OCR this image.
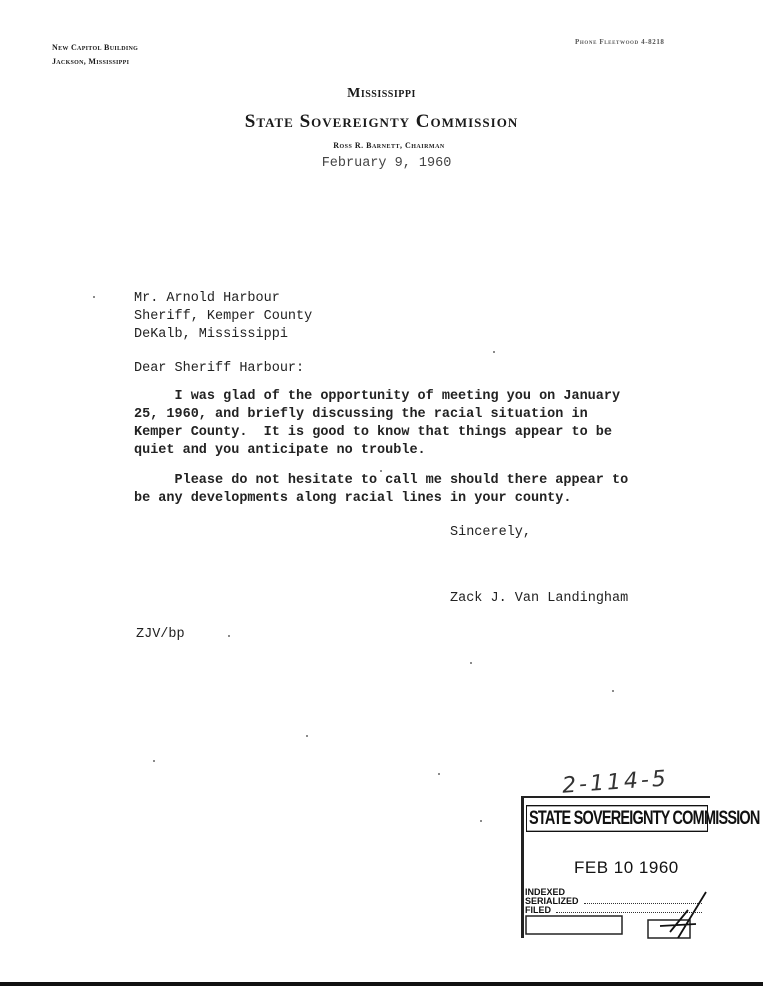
New Capitol Building
Jackson, Mississippi
Phone Fleetwood 4-8218
Mississippi
State Sovereignty Commission
Ross R. Barnett, Chairman
February 9, 1960
Mr. Arnold Harbour
Sheriff, Kemper County
DeKalb, Mississippi
Dear Sheriff Harbour:
I was glad of the opportunity of meeting you on January
25, 1960, and briefly discussing the racial situation in
Kemper County.  It is good to know that things appear to be
quiet and you anticipate no trouble.
Please do not hesitate to call me should there appear to
be any developments along racial lines in your county.
Sincerely,
Zack J. Van Landingham
ZJV/bp
2-114-5
STATE SOVEREIGNTY COMMISSION
FEB 10 1960
INDEXED
SERIALIZED
FILED
